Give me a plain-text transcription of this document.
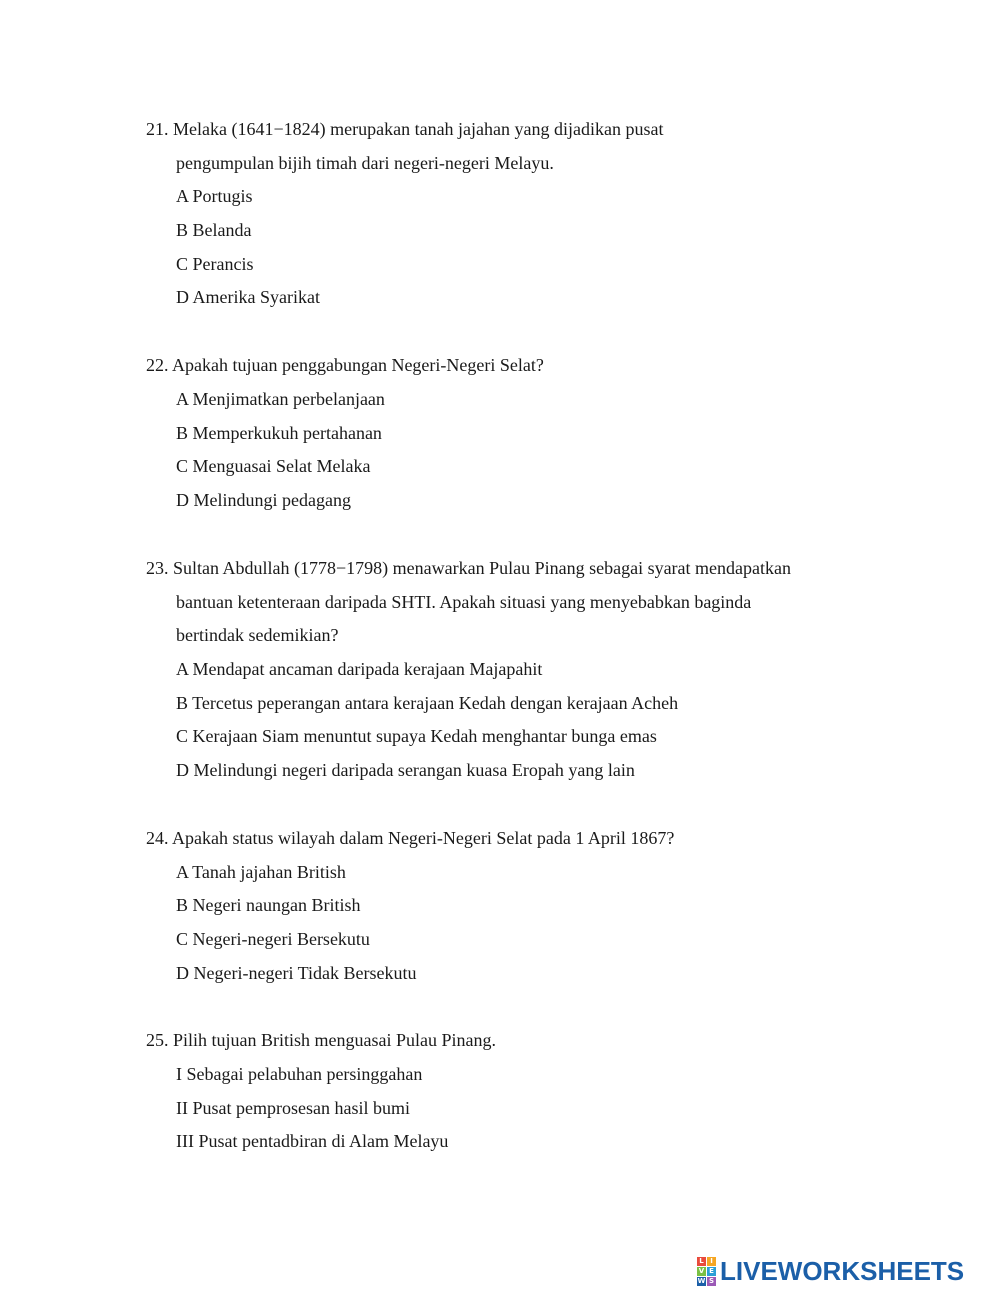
21. Melaka (1641−1824) merupakan tanah jajahan yang dijadikan pusat
pengumpulan bijih timah dari negeri-negeri Melayu.
A Portugis
B Belanda
C Perancis
D Amerika Syarikat
22. Apakah tujuan penggabungan Negeri-Negeri Selat?
A Menjimatkan perbelanjaan
B Memperkukuh pertahanan
C Menguasai Selat Melaka
D Melindungi pedagang
23. Sultan Abdullah (1778−1798) menawarkan Pulau Pinang sebagai syarat mendapatkan
bantuan ketenteraan daripada SHTI. Apakah situasi yang menyebabkan baginda
bertindak sedemikian?
A Mendapat ancaman daripada kerajaan Majapahit
B Tercetus peperangan antara kerajaan Kedah dengan kerajaan Acheh
C Kerajaan Siam menuntut supaya Kedah menghantar bunga emas
D Melindungi negeri daripada serangan kuasa Eropah yang lain
24. Apakah status wilayah dalam Negeri-Negeri Selat pada 1 April 1867?
A Tanah jajahan British
B Negeri naungan British
C Negeri-negeri Bersekutu
D Negeri-negeri Tidak Bersekutu
25. Pilih tujuan British menguasai Pulau Pinang.
I Sebagai pelabuhan persinggahan
II Pusat pemprosesan hasil bumi
III Pusat pentadbiran di Alam Melayu
L I
V E
W S LIVEWORKSHEETS
